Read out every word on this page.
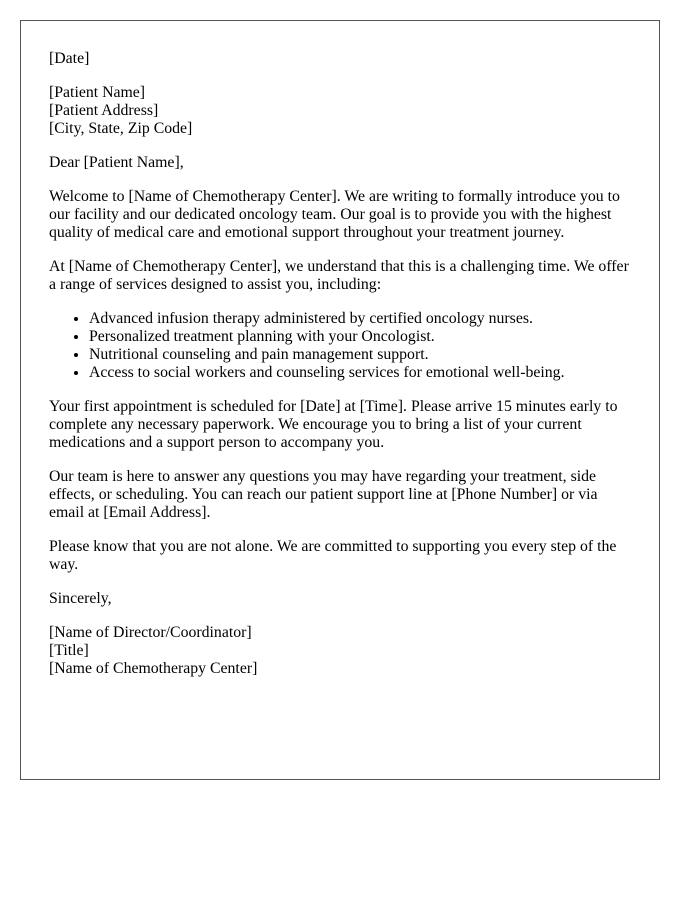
[Date]
[Patient Name]
[Patient Address]
[City, State, Zip Code]

Dear [Patient Name],

Welcome to [Name of Chemotherapy Center]. We are writing to formally introduce you to our facility and our dedicated oncology team. Our goal is to provide you with the highest quality of medical care and emotional support throughout your treatment journey.

At [Name of Chemotherapy Center], we understand that this is a challenging time. We offer a range of services designed to assist you, including:

• Advanced infusion therapy administered by certified oncology nurses.
• Personalized treatment planning with your Oncologist.
• Nutritional counseling and pain management support.
• Access to social workers and counseling services for emotional well-being.

Your first appointment is scheduled for [Date] at [Time]. Please arrive 15 minutes early to complete any necessary paperwork. We encourage you to bring a list of your current medications and a support person to accompany you.

Our team is here to answer any questions you may have regarding your treatment, side effects, or scheduling. You can reach our patient support line at [Phone Number] or via email at [Email Address].

Please know that you are not alone. We are committed to supporting you every step of the way.

Sincerely,

[Name of Director/Coordinator]
[Title]
[Name of Chemotherapy Center]
